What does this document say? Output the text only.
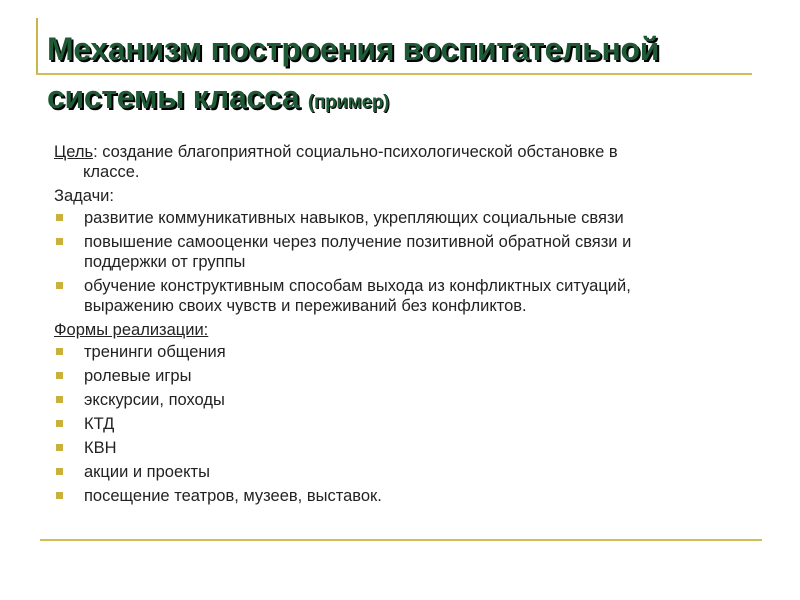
Механизм построения воспитательной
системы класса (пример)

Цель: создание благоприятной социально-психологической обстановке в
классе.

Задачи:

развитие коммуникативных навыков, укрепляющих социальные связи
повышение самооценки через получение позитивной обратной связи и
поддержки от группы
обучение конструктивным способам выхода из конфликтных ситуаций,
выражению своих чувств и переживаний без конфликтов.

Формы реализации:

тренинги общения
ролевые игры
экскурсии, походы
КТД
КВН
акции и проекты
посещение театров, музеев, выставок.
